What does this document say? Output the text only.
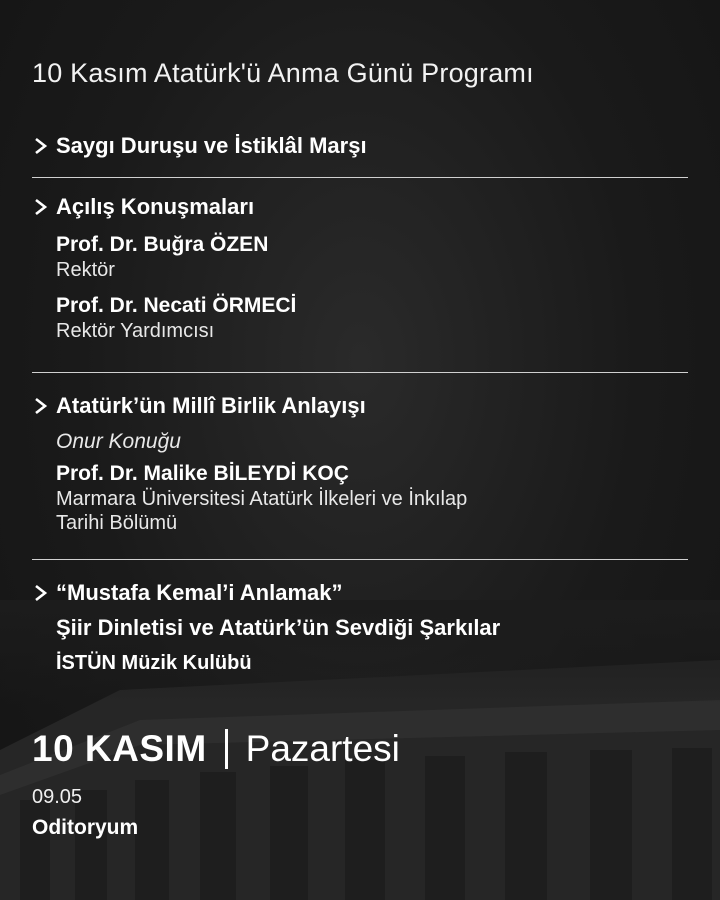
10 Kasım Atatürk'ü Anma Günü Programı
Saygı Duruşu ve İstiklâl Marşı
Açılış Konuşmaları
Prof. Dr. Buğra ÖZEN
Rektör
Prof. Dr. Necati ÖRMECİ
Rektör Yardımcısı
Atatürk’ün Millî Birlik Anlayışı
Onur Konuğu
Prof. Dr. Malike BİLEYDİ KOÇ
Marmara Üniversitesi Atatürk İlkeleri ve İnkılap
Tarihi Bölümü
“Mustafa Kemal’i Anlamak”
Şiir Dinletisi ve Atatürk’ün Sevdiği Şarkılar
İSTÜN Müzik Kulübü
10 KASIM Pazartesi
09.05
Oditoryum
